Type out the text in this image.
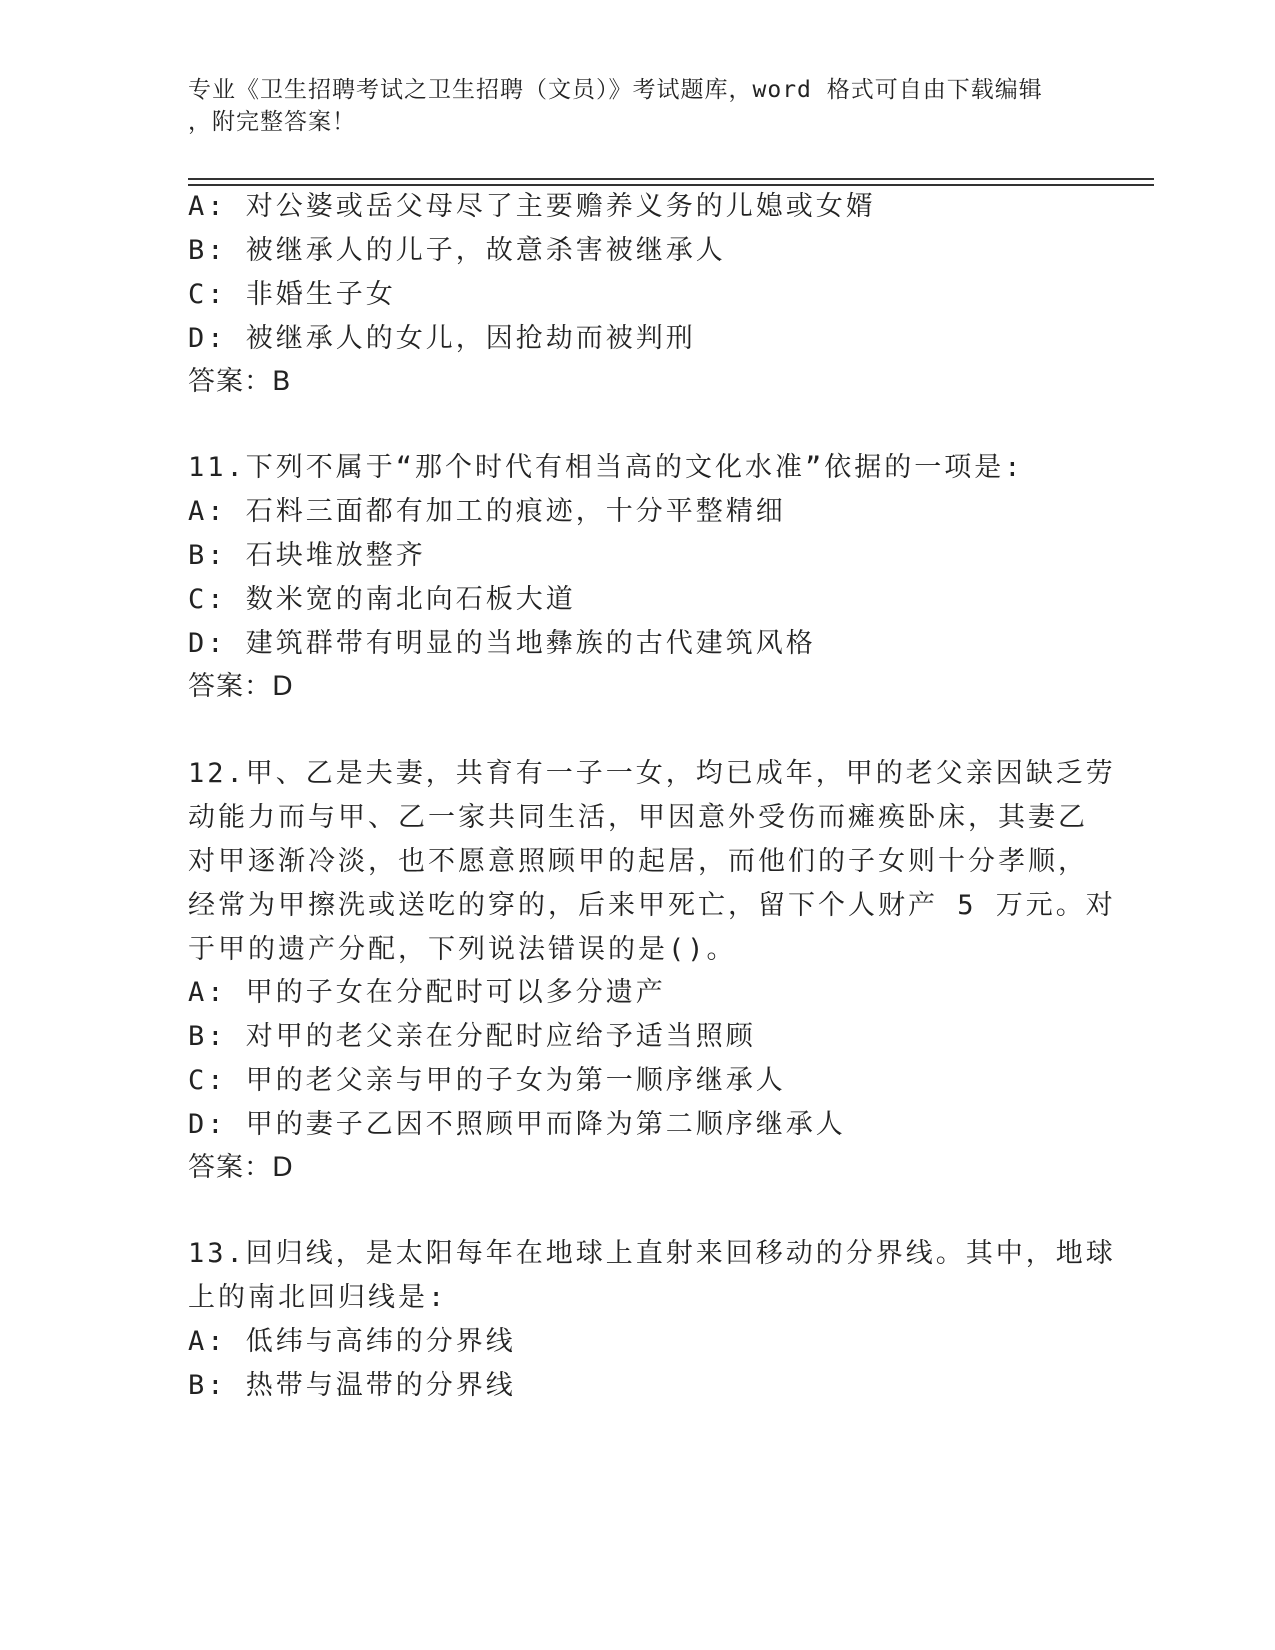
专业《卫生招聘考试之卫生招聘（文员）》考试题库，word 格式可自由下载编辑
，附完整答案！
A: 对公婆或岳父母尽了主要赡养义务的儿媳或女婿
B: 被继承人的儿子，故意杀害被继承人
C: 非婚生子女
D: 被继承人的女儿，因抢劫而被判刑
答案：B
11.下列不属于“那个时代有相当高的文化水准”依据的一项是:
A: 石料三面都有加工的痕迹，十分平整精细
B: 石块堆放整齐
C: 数米宽的南北向石板大道
D: 建筑群带有明显的当地彝族的古代建筑风格
答案：D
12.甲、乙是夫妻，共育有一子一女，均已成年，甲的老父亲因缺乏劳
动能力而与甲、乙一家共同生活，甲因意外受伤而瘫痪卧床，其妻乙
对甲逐渐冷淡，也不愿意照顾甲的起居，而他们的子女则十分孝顺，
经常为甲擦洗或送吃的穿的，后来甲死亡，留下个人财产 5 万元。对
于甲的遗产分配，下列说法错误的是()。
A: 甲的子女在分配时可以多分遗产
B: 对甲的老父亲在分配时应给予适当照顾
C: 甲的老父亲与甲的子女为第一顺序继承人
D: 甲的妻子乙因不照顾甲而降为第二顺序继承人
答案：D
13.回归线，是太阳每年在地球上直射来回移动的分界线。其中，地球
上的南北回归线是:
A: 低纬与高纬的分界线
B: 热带与温带的分界线
